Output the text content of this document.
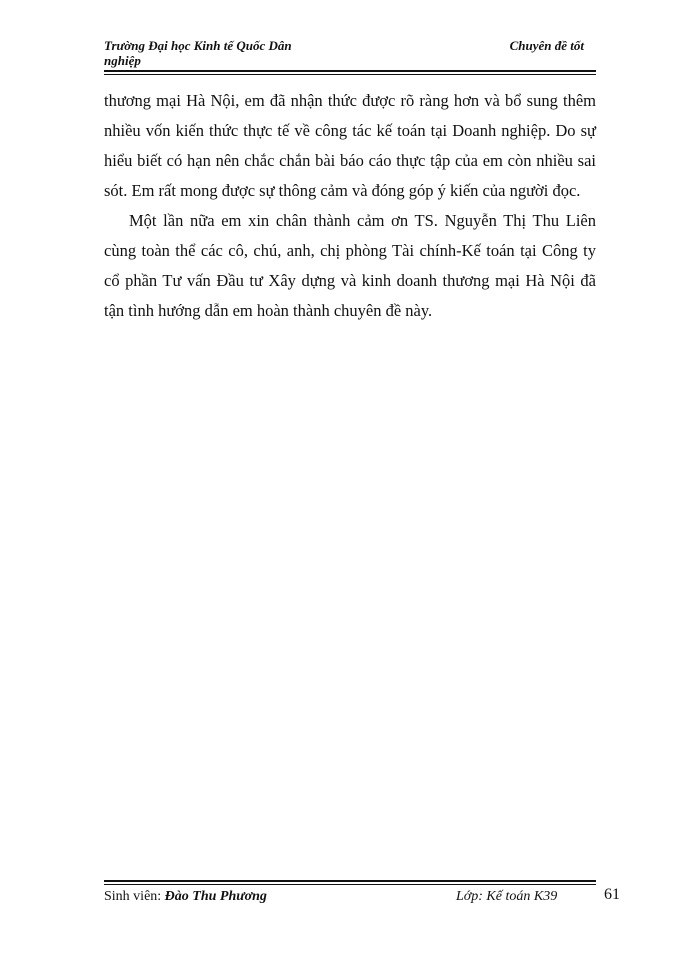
Trường Đại học Kinh tế Quốc Dân
nghiệp
Chuyên đề tốt

thương mại Hà Nội, em đã nhận thức được rõ ràng hơn và bổ sung thêm nhiều vốn kiến thức thực tế về công tác kế toán tại Doanh nghiệp. Do sự hiểu biết có hạn nên chắc chắn bài báo cáo thực tập của em còn nhiều sai sót. Em rất mong được sự thông cảm và đóng góp ý kiến của người đọc.

Một lần nữa em xin chân thành cảm ơn TS. Nguyễn Thị Thu Liên cùng toàn thể các cô, chú, anh, chị phòng Tài chính-Kế toán tại Công ty cổ phần Tư vấn Đầu tư Xây dựng và kinh doanh thương mại Hà Nội đã tận tình hướng dẫn em hoàn thành chuyên đề này.

Sinh viên: Đào Thu Phương	Lớp: Kế toán K39	61
